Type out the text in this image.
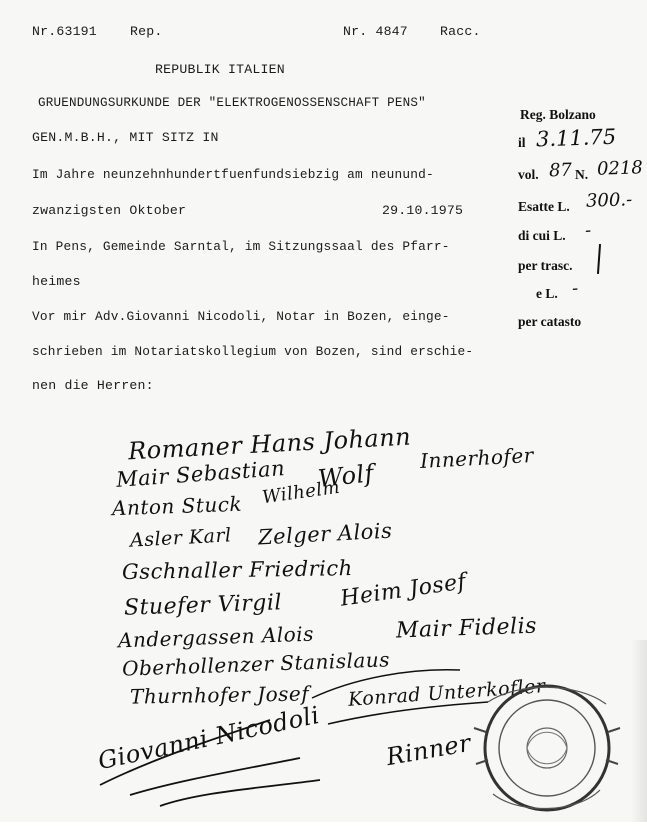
Nr.63191	Rep.	Nr. 4847 Racc.
REPUBLIK ITALIEN
GRUENDUNGSURKUNDE DER "ELEKTROGENOSSENSCHAFT PENS"
GEN.M.B.H., MIT SITZ IN
Im Jahre neunzehnhundertfuenfundsiebzig am neunund-
zwanzigsten Oktober	29.10.1975
In Pens, Gemeinde Sarntal, im Sitzungssaal des Pfarr-
heimes
Vor mir Adv.Giovanni Nicodoli, Notar in Bozen, einge-
schrieben im Notariatskollegium von Bozen, sind erschie-
nen die Herren:
Reg. Bolzano
il 3.11.75
vol. 87 N. 0218
Esatte L. 300.-
di cui L. -
per trasc.
e L. -
per catasto
Romaner Hans Johann
Mair Sebastian Wolf
Innerhofer
Anton Stuck Wilhelm
Asler Karl Zelger Alois
Gschnaller Friedrich
Stuefer Virgil	Heim Josef
Andergassen Alois	Mair Fidelis
Oberhollenzer Stanislaus
Thurnhofer Josef Konrad Unterkofler
Rinner
Giovanni Nicodoli
